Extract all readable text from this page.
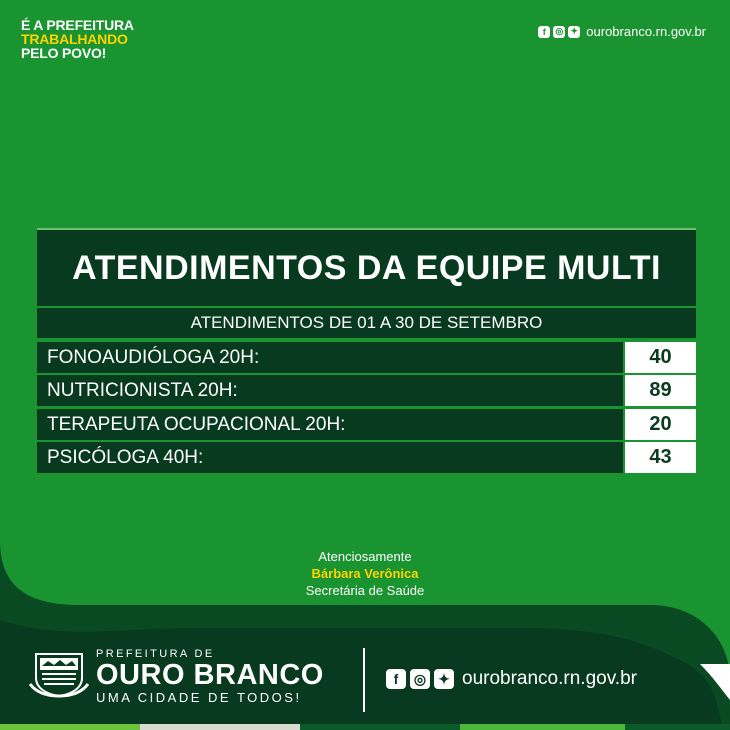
É A PREFEITURA
TRABALHANDO
PELO POVO!
f	◎ ✦ ourobranco.rn.gov.br
ATENDIMENTOS DA EQUIPE MULTI
ATENDIMENTOS DE 01 A 30 DE SETEMBRO
FONOAUDIÓLOGA 20H:	40
NUTRICIONISTA 20H:	89
TERAPEUTA OCUPACIONAL 20H:	20
PSICÓLOGA 40H:	43
Atenciosamente
Bárbara Verônica
Secretária de Saúde
PREFEITURA DE
OURO BRANCO
UMA CIDADE DE TODOS!
f	◎ ✦ ourobranco.rn.gov.br
